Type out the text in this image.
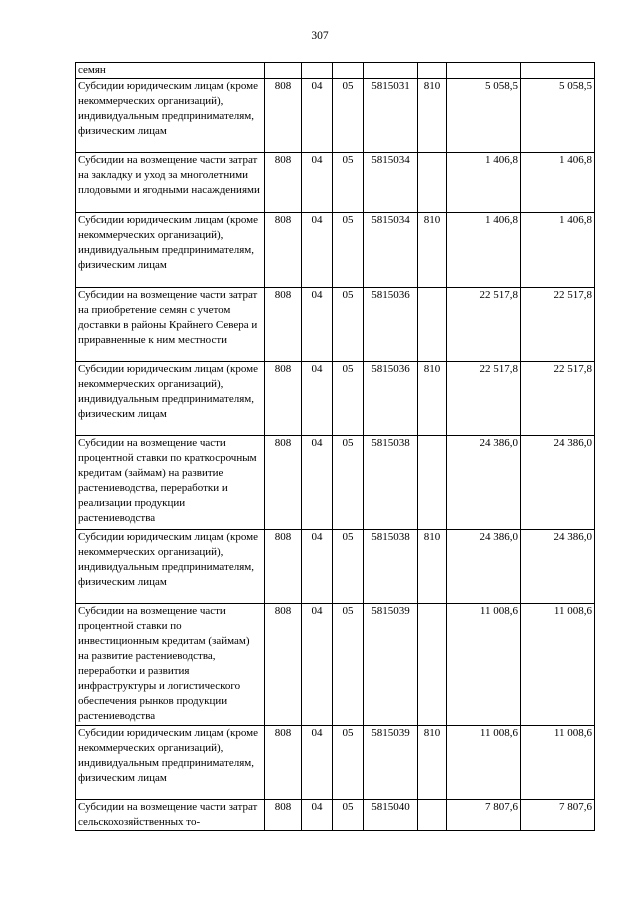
307
семян							
Субсидии юридическим лицам (кроме некоммерческих организаций), индивидуальным предпринимателям, физическим лицам	808	04	05	5815031	810	5 058,5	5 058,5
Субсидии на возмещение части затрат на закладку и уход за многолетними плодовыми и ягодными насаждениями	808	04	05	5815034		1 406,8	1 406,8
Субсидии юридическим лицам (кроме некоммерческих организаций), индивидуальным предпринимателям, физическим лицам	808	04	05	5815034	810	1 406,8	1 406,8
Субсидии на возмещение части затрат на приобретение семян с учетом доставки в районы Крайнего Севера и приравненные к ним местности	808	04	05	5815036		22 517,8	22 517,8
Субсидии юридическим лицам (кроме некоммерческих организаций), индивидуальным предпринимателям, физическим лицам	808	04	05	5815036	810	22 517,8	22 517,8
Субсидии на возмещение части процентной ставки по краткосрочным кредитам (займам) на развитие растениеводства, переработки и реализации продукции растениеводства	808	04	05	5815038		24 386,0	24 386,0
Субсидии юридическим лицам (кроме некоммерческих организаций), индивидуальным предпринимателям, физическим лицам	808	04	05	5815038	810	24 386,0	24 386,0
Субсидии на возмещение части процентной ставки по инвестиционным кредитам (займам) на развитие растениеводства, переработки и развития инфраструктуры и логистического обеспечения рынков продукции растениеводства	808	04	05	5815039		11 008,6	11 008,6
Субсидии юридическим лицам (кроме некоммерческих организаций), индивидуальным предпринимателям, физическим лицам	808	04	05	5815039	810	11 008,6	11 008,6
Субсидии на возмещение части затрат сельскохозяйственных то-	808	04	05	5815040		7 807,6	7 807,6
